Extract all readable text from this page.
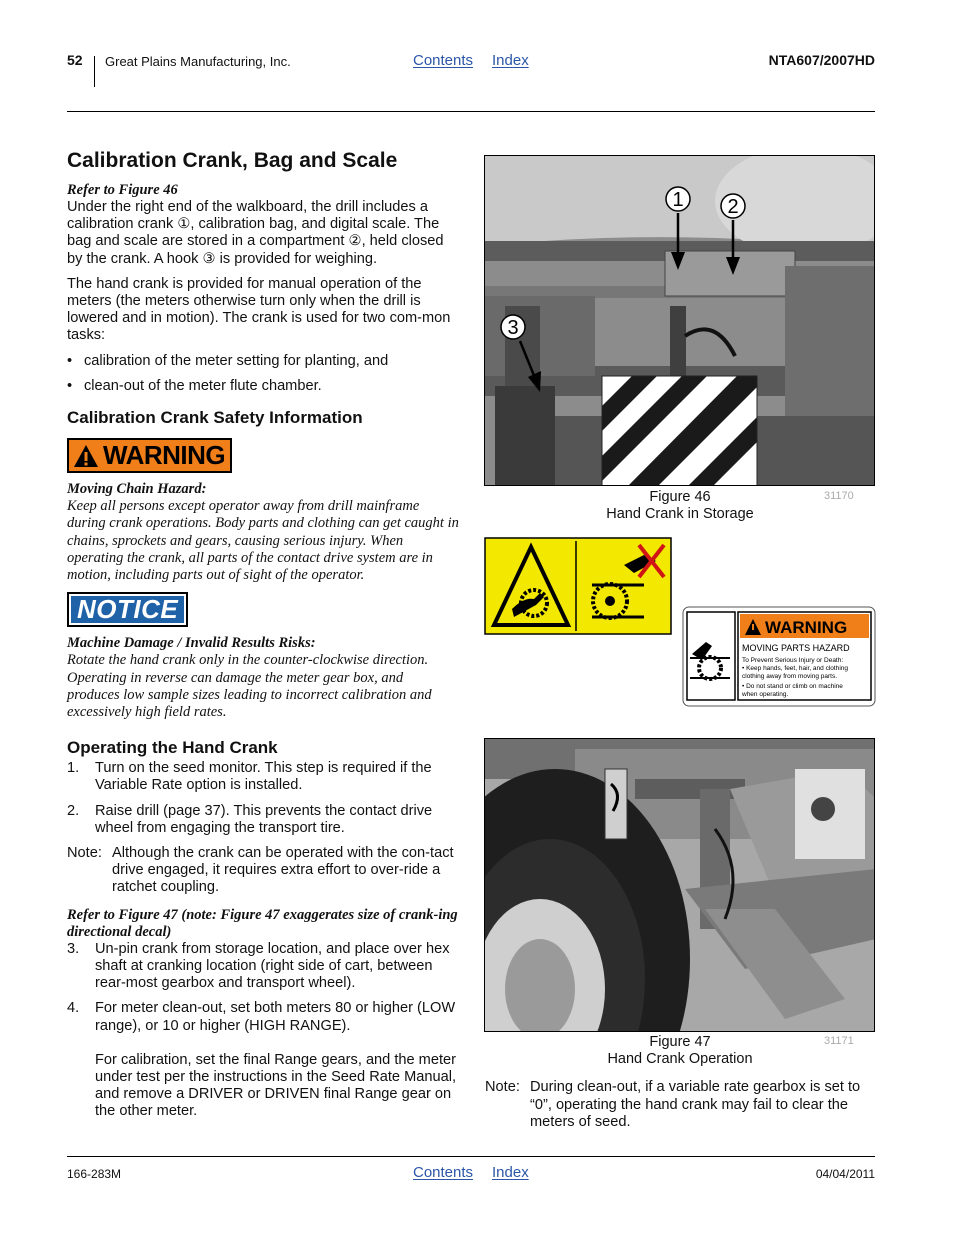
52 Great Plains Manufacturing, Inc.	Contents Index	NTA607/2007HD
Calibration Crank, Bag and Scale
Refer to Figure 46
Under the right end of the walkboard, the drill includes a calibration crank ①, calibration bag, and digital scale. The bag and scale are stored in a compartment ②, held closed by the crank. A hook ③ is provided for weighing.
The hand crank is provided for manual operation of the meters (the meters otherwise turn only when the drill is lowered and in motion). The crank is used for two com-mon tasks:
• calibration of the meter setting for planting, and
• clean-out of the meter flute chamber.
Calibration Crank Safety Information
WARNING
Moving Chain Hazard:
Keep all persons except operator away from drill mainframe during crank operations. Body parts and clothing can get caught in chains, sprockets and gears, causing serious injury. When operating the crank, all parts of the contact drive system are in motion, including parts out of sight of the operator.
NOTICE
Machine Damage / Invalid Results Risks:
Rotate the hand crank only in the counter-clockwise direction. Operating in reverse can damage the meter gear box, and produces low sample sizes leading to incorrect calibration and excessively high field rates.
Operating the Hand Crank
1. Turn on the seed monitor. This step is required if the Variable Rate option is installed.
2. Raise drill (page 37). This prevents the contact drive wheel from engaging the transport tire.
Note: Although the crank can be operated with the con-tact drive engaged, it requires extra effort to over-ride a ratchet coupling.
Refer to Figure 47 (note: Figure 47 exaggerates size of crank-ing directional decal)
3. Un-pin crank from storage location, and place over hex shaft at cranking location (right side of cart, between rear-most gearbox and transport wheel).
4. For meter clean-out, set both meters 80 or higher (LOW range), or 10 or higher (HIGH RANGE).
For calibration, set the final Range gears, and the meter under test per the instructions in the Seed Rate Manual, and remove a DRIVER or DRIVEN final Range gear on the other meter.
1 2
3
Figure 46
Hand Crank in Storage
31170
WARNING
MOVING PARTS HAZARD
To Prevent Serious Injury or Death:
• Keep hands, feet, hair, and clothing
clothing away from moving parts.
• Do not stand or climb on machine
when operating.
Figure 47
Hand Crank Operation
31171
Note: During clean-out, if a variable rate gearbox is set to “0”, operating the hand crank may fail to clear the meters of seed.
166-283M	Contents Index	04/04/2011
